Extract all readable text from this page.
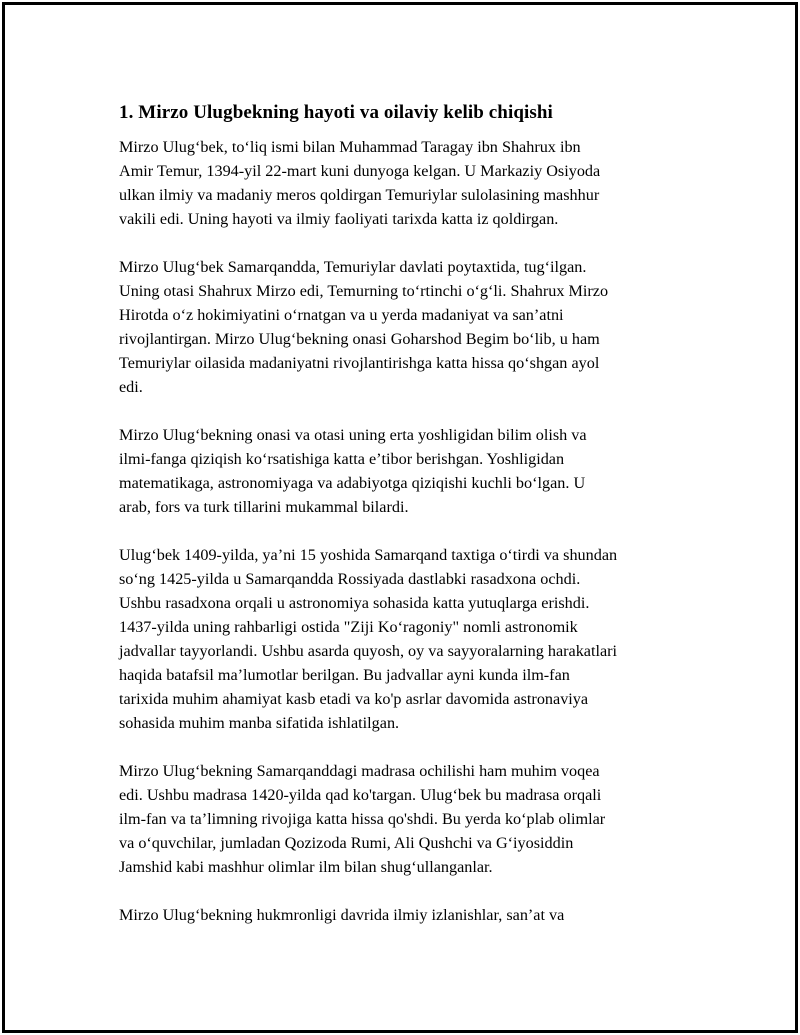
1. Mirzo Ulugbekning hayoti va oilaviy kelib chiqishi

Mirzo Ulugʻbek, toʻliq ismi bilan Muhammad Taragay ibn Shahrux ibn
Amir Temur, 1394-yil 22-mart kuni dunyoga kelgan. U Markaziy Osiyoda
ulkan ilmiy va madaniy meros qoldirgan Temuriylar sulolasining mashhur
vakili edi. Uning hayoti va ilmiy faoliyati tarixda katta iz qoldirgan.

Mirzo Ulugʻbek Samarqandda, Temuriylar davlati poytaxtida, tugʻilgan.
Uning otasi Shahrux Mirzo edi, Temurning toʻrtinchi oʻgʻli. Shahrux Mirzo
Hirotda oʻz hokimiyatini oʻrnatgan va u yerda madaniyat va sanʼatni
rivojlantirgan. Mirzo Ulugʻbekning onasi Goharshod Begim boʻlib, u ham
Temuriylar oilasida madaniyatni rivojlantirishga katta hissa qoʻshgan ayol
edi.

Mirzo Ulugʻbekning onasi va otasi uning erta yoshligidan bilim olish va
ilmi-fanga qiziqish koʻrsatishiga katta eʼtibor berishgan. Yoshligidan
matematikaga, astronomiyaga va adabiyotga qiziqishi kuchli boʻlgan. U
arab, fors va turk tillarini mukammal bilardi.

Ulugʻbek 1409-yilda, yaʼni 15 yoshida Samarqand taxtiga oʻtirdi va shundan
soʻng 1425-yilda u Samarqandda Rossiyada dastlabki rasadxona ochdi.
Ushbu rasadxona orqali u astronomiya sohasida katta yutuqlarga erishdi.
1437-yilda uning rahbarligi ostida "Ziji Koʻragoniy" nomli astronomik
jadvallar tayyorlandi. Ushbu asarda quyosh, oy va sayyoralarning harakatlari
haqida batafsil maʼlumotlar berilgan. Bu jadvallar ayni kunda ilm-fan
tarixida muhim ahamiyat kasb etadi va ko'p asrlar davomida astronaviya
sohasida muhim manba sifatida ishlatilgan.

Mirzo Ulugʻbekning Samarqanddagi madrasa ochilishi ham muhim voqea
edi. Ushbu madrasa 1420-yilda qad ko'targan. Ulugʻbek bu madrasa orqali
ilm-fan va taʼlimning rivojiga katta hissa qo'shdi. Bu yerda koʻplab olimlar
va oʻquvchilar, jumladan Qozizoda Rumi, Ali Qushchi va Gʻiyosiddin
Jamshid kabi mashhur olimlar ilm bilan shugʻullanganlar.

Mirzo Ulugʻbekning hukmronligi davrida ilmiy izlanishlar, sanʼat va
